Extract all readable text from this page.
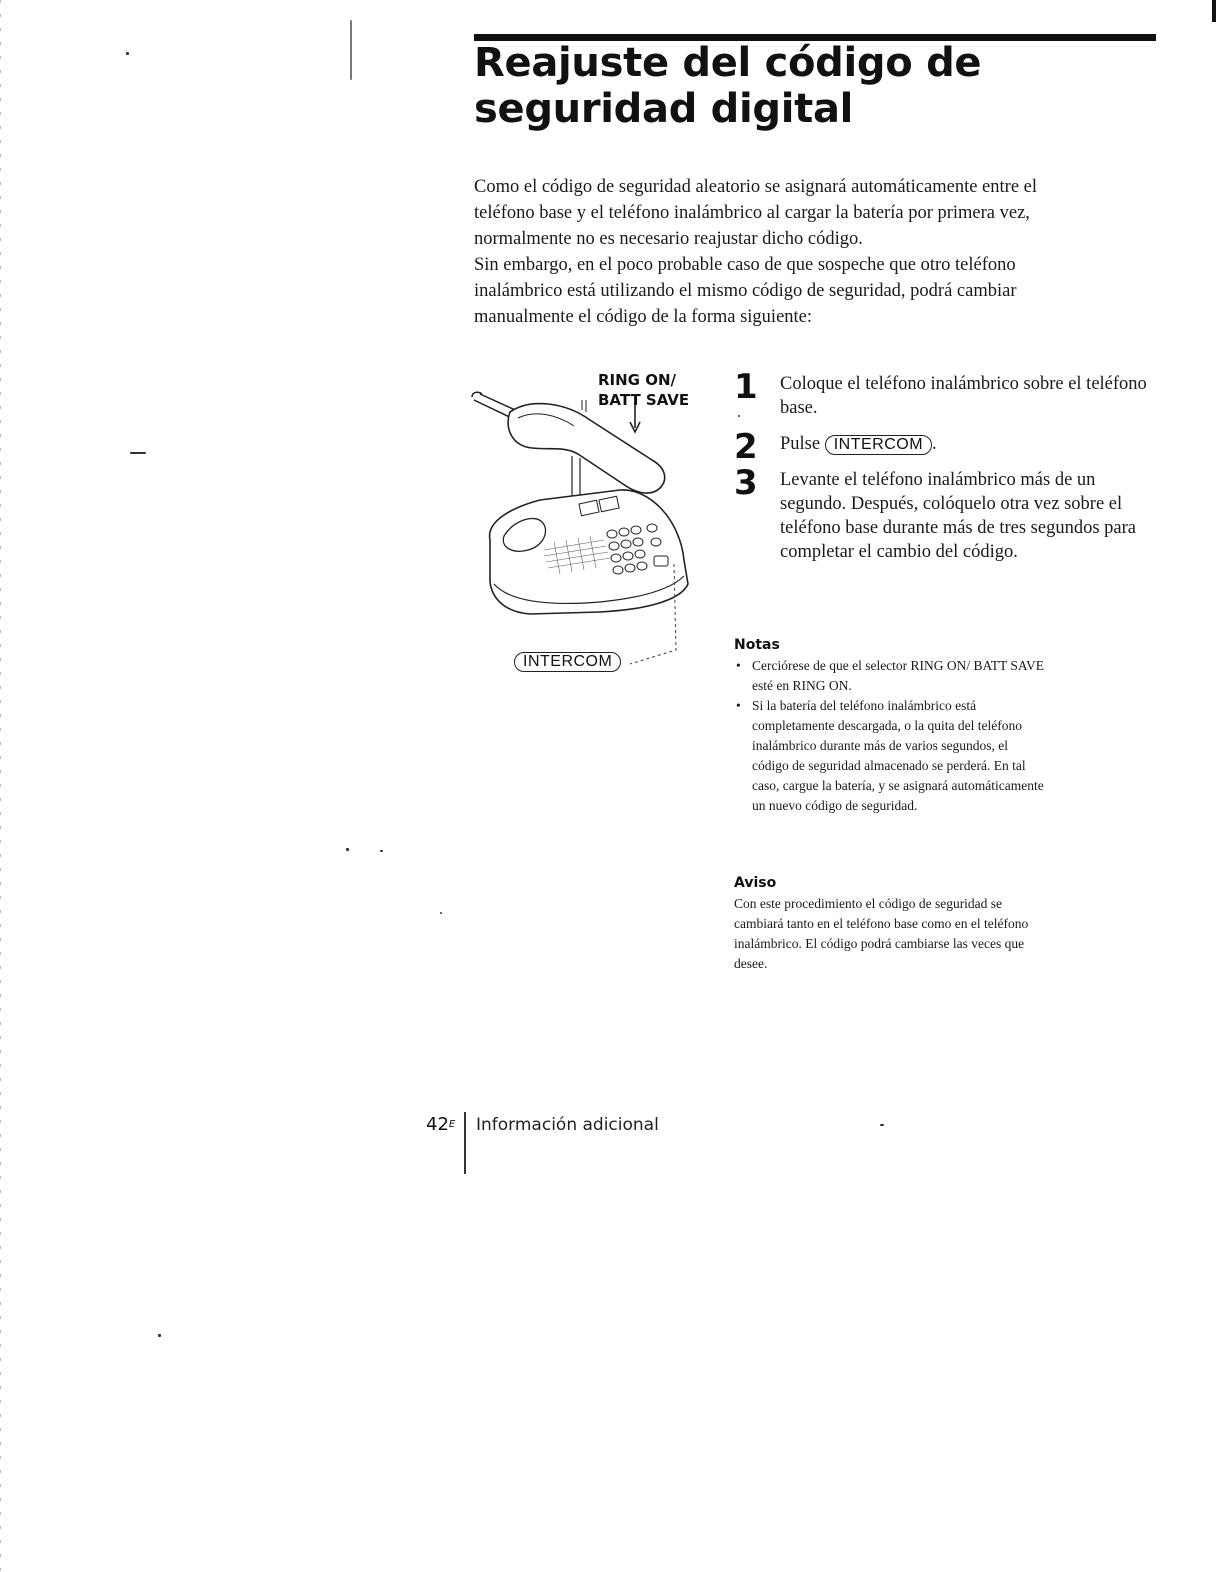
Reajuste del código de seguridad digital

Como el código de seguridad aleatorio se asignará automáticamente entre el teléfono base y el teléfono inalámbrico al cargar la batería por primera vez, normalmente no es necesario reajustar dicho código.

Sin embargo, en el poco probable caso de que sospeche que otro teléfono inalámbrico está utilizando el mismo código de seguridad, podrá cambiar manualmente el código de la forma siguiente:

RING ON/
BATT SAVE
INTERCOM
1 Coloque el teléfono inalámbrico sobre el teléfono base.
2 Pulse INTERCOM .
3 Levante el teléfono inalámbrico más de un segundo. Después, colóquelo otra vez sobre el teléfono base durante más de tres segundos para completar el cambio del código.
Notas
• Cerciórese de que el selector RING ON/ BATT SAVE esté en RING ON.
• Si la batería del teléfono inalámbrico está completamente descargada, o la quita del teléfono inalámbrico durante más de varios segundos, el código de seguridad almacenado se perderá. En tal caso, cargue la batería, y se asignará automáticamente un nuevo código de seguridad.
Aviso

Con este procedimiento el código de seguridad se cambiará tanto en el teléfono base como en el teléfono inalámbrico. El código podrá cambiarse las veces que desee.

$42^E$ Información adicional
